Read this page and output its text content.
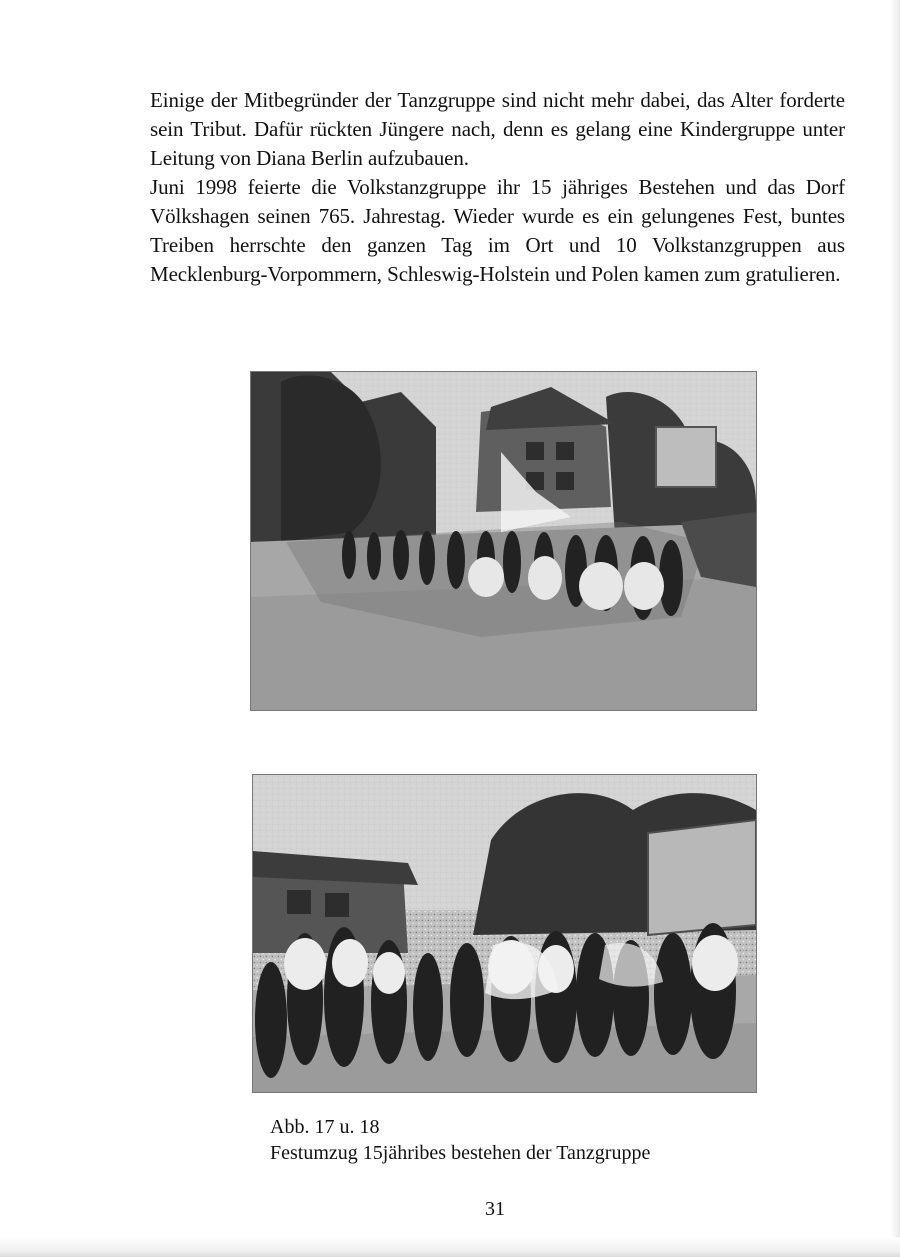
Einige der Mitbegründer der Tanzgruppe sind nicht mehr dabei, das Alter forderte sein Tribut. Dafür rückten Jüngere nach, denn es gelang eine Kindergruppe unter Leitung von Diana Berlin aufzubauen.

Juni 1998 feierte die Volkstanzgruppe ihr 15 jähriges Bestehen und das Dorf Völkshagen seinen 765. Jahrestag. Wieder wurde es ein gelungenes Fest, buntes Treiben herrschte den ganzen Tag im Ort und 10 Volkstanzgruppen aus Mecklenburg-Vorpommern, Schleswig-Holstein und Polen kamen zum gratulieren.

Abb. 17 u. 18
Festumzug 15jähribes bestehen der Tanzgruppe
31
